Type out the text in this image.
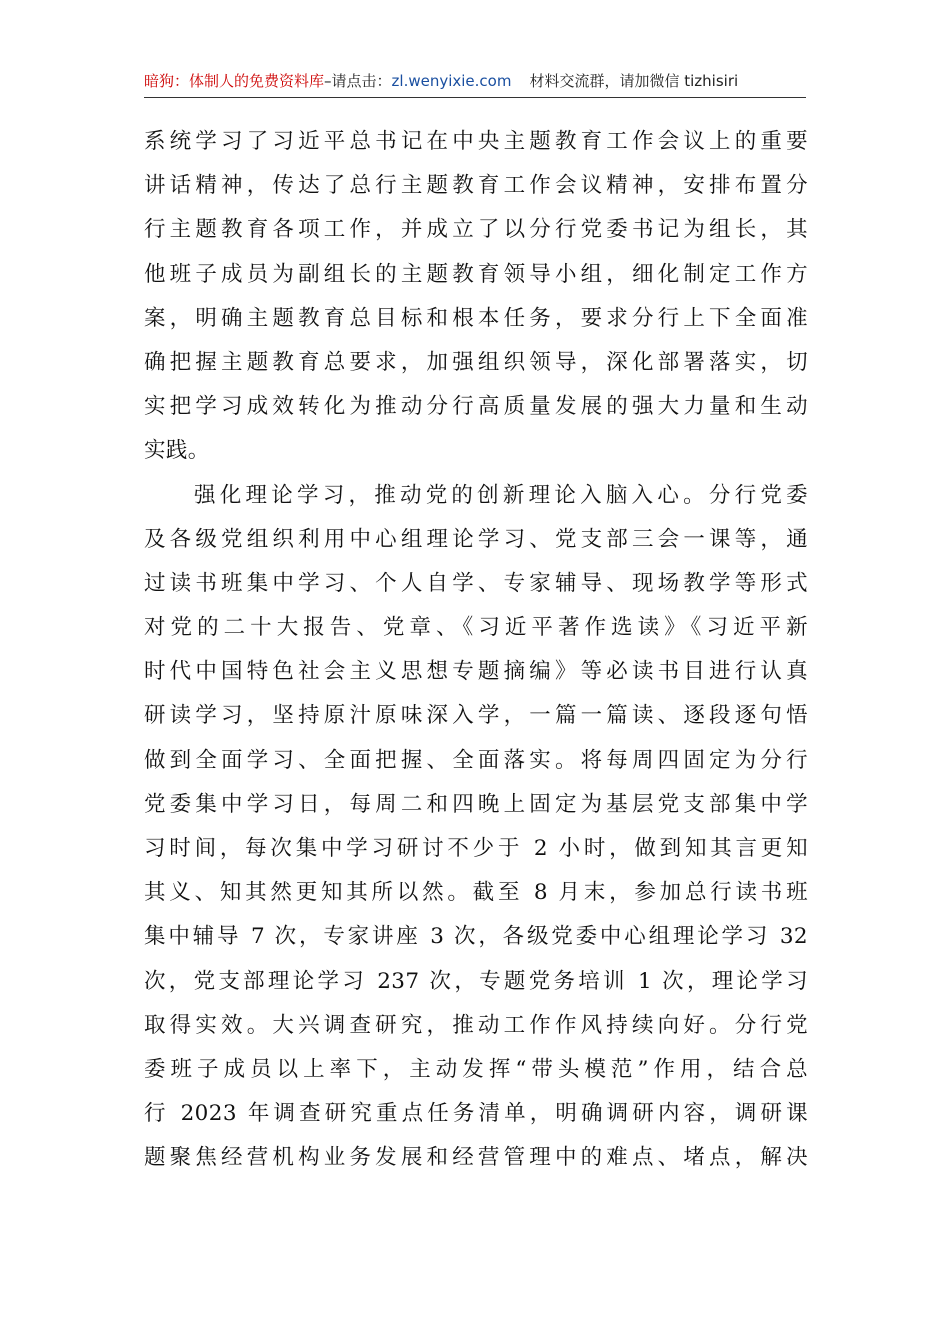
暗狗：体制人的免费资料库–请点击：zl.wenyixie.com 材料交流群，请加微信 tizhisiri
系统学习了习近平总书记在中央主题教育工作会议上的重要
讲话精神，传达了总行主题教育工作会议精神，安排布置分
行主题教育各项工作，并成立了以分行党委书记为组长，其
他班子成员为副组长的主题教育领导小组，细化制定工作方
案，明确主题教育总目标和根本任务，要求分行上下全面准
确把握主题教育总要求，加强组织领导，深化部署落实，切
实把学习成效转化为推动分行高质量发展的强大力量和生动
实践。
强化理论学习，推动党的创新理论入脑入心。分行党委
及各级党组织利用中心组理论学习、党支部三会一课等，通
过读书班集中学习、个人自学、专家辅导、现场教学等形式
对党的二十大报告、党章、《习近平著作选读》《习近平新
时代中国特色社会主义思想专题摘编》等必读书目进行认真
研读学习，坚持原汁原味深入学，一篇一篇读、逐段逐句悟
做到全面学习、全面把握、全面落实。将每周四固定为分行
党委集中学习日，每周二和四晚上固定为基层党支部集中学
习时间，每次集中学习研讨不少于 2 小时，做到知其言更知
其义、知其然更知其所以然。截至 8 月末，参加总行读书班
集中辅导 7 次，专家讲座 3 次，各级党委中心组理论学习 32
次，党支部理论学习 237 次，专题党务培训 1 次，理论学习
取得实效。大兴调查研究，推动工作作风持续向好。分行党
委班子成员以上率下，主动发挥“带头模范”作用，结合总
行 2023 年调查研究重点任务清单，明确调研内容，调研课
题聚焦经营机构业务发展和经营管理中的难点、堵点，解决
